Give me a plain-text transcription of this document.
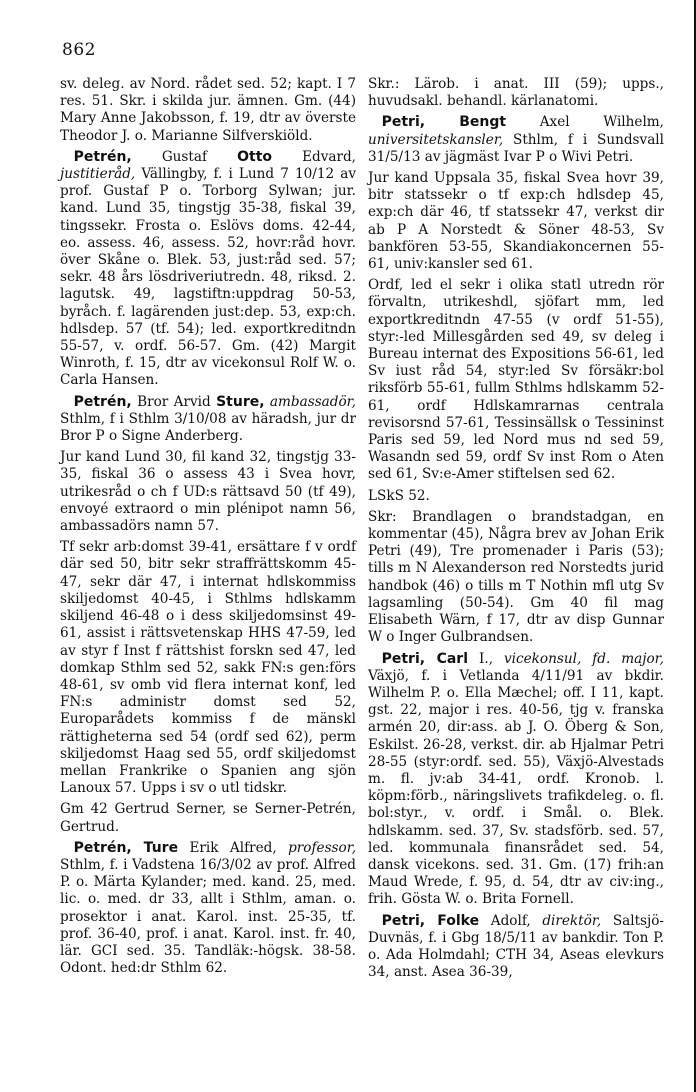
862

sv. deleg. av Nord. rådet sed. 52; kapt. I 7 res. 51. Skr. i skilda jur. ämnen. Gm. (44) Mary Anne Jakobsson, f. 19, dtr av överste Theodor J. o. Marianne Silfverskiöld.

Petrén, Gustaf Otto Edvard, justitieråd, Vällingby, f. i Lund 7 10/12 av prof. Gustaf P o. Torborg Sylwan; jur. kand. Lund 35, tingstjg 35-38, fiskal 39, tingssekr. Frosta o. Eslövs doms. 42-44, eo. assess. 46, assess. 52, hovr:råd hovr. över Skåne o. Blek. 53, just:råd sed. 57; sekr. 48 års lösdriveriutredn. 48, riksd. 2. lagutsk. 49, lagstiftn:uppdrag 50-53, byråch. f. lagärenden just:dep. 53, exp:ch. hdlsdep. 57 (tf. 54); led. exportkreditndn 55-57, v. ordf. 56-57. Gm. (42) Margit Winroth, f. 15, dtr av vicekonsul Rolf W. o. Carla Hansen.

Petrén, Bror Arvid Sture, ambassadör, Sthlm, f i Sthlm 3/10/08 av häradsh, jur dr Bror P o Signe Anderberg.

Jur kand Lund 30, fil kand 32, tingstjg 33-35, fiskal 36 o assess 43 i Svea hovr, utrikesråd o ch f UD:s rättsavd 50 (tf 49), envoyé extraord o min plénipot namn 56, ambassadörs namn 57.

Tf sekr arb:domst 39-41, ersättare f v ordf där sed 50, bitr sekr straffrättskomm 45-47, sekr där 47, i internat hdlskommiss skiljedomst 40-45, i Sthlms hdlskamm skiljend 46-48 o i dess skiljedomsinst 49-61, assist i rättsvetenskap HHS 47-59, led av styr f Inst f rättshist forskn sed 47, led domkap Sthlm sed 52, sakk FN:s gen:förs 48-61, sv omb vid flera internat konf, led FN:s administr domst sed 52, Europarådets kommiss f de mänskl rättigheterna sed 54 (ordf sed 62), perm skiljedomst Haag sed 55, ordf skiljedomst mellan Frankrike o Spanien ang sjön Lanoux 57. Upps i sv o utl tidskr.

Gm 42 Gertrud Serner, se Serner-Petrén, Gertrud.

Petrén, Ture Erik Alfred, professor, Sthlm, f. i Vadstena 16/3/02 av prof. Alfred P. o. Märta Kylander; med. kand. 25, med. lic. o. med. dr 33, allt i Sthlm, aman. o. prosektor i anat. Karol. inst. 25-35, tf. prof. 36-40, prof. i anat. Karol. inst. fr. 40, lär. GCI sed. 35. Tandläk:-högsk. 38-58. Odont. hed:dr Sthlm 62.

Skr.: Lärob. i anat. III (59); upps., huvudsakl. behandl. kärlanatomi.

Petri, Bengt Axel Wilhelm, universitetskansler, Sthlm, f i Sundsvall 31/5/13 av jägmäst Ivar P o Wivi Petri.

Jur kand Uppsala 35, fiskal Svea hovr 39, bitr statssekr o tf exp:ch hdlsdep 45, exp:ch där 46, tf statssekr 47, verkst dir ab P A Norstedt & Söner 48-53, Sv bankfören 53-55, Skandiakoncernen 55-61, univ:kansler sed 61.

Ordf, led el sekr i olika statl utredn rör förvaltn, utrikeshdl, sjöfart mm, led exportkreditndn 47-55 (v ordf 51-55), styr:-led Millesgården sed 49, sv deleg i Bureau internat des Expositions 56-61, led Sv iust råd 54, styr:led Sv försäkr:bol riksförb 55-61, fullm Sthlms hdlskamm 52-61, ordf Hdlskamrarnas centrala revisorsnd 57-61, Tessinsällsk o Tessininst Paris sed 59, led Nord mus nd sed 59, Wasandn sed 59, ordf Sv inst Rom o Aten sed 61, Sv:e-Amer stiftelsen sed 62.

LSkS 52.

Skr: Brandlagen o brandstadgan, en kommentar (45), Några brev av Johan Erik Petri (49), Tre promenader i Paris (53); tills m N Alexanderson red Norstedts jurid handbok (46) o tills m T Nothin mfl utg Sv lagsamling (50-54). Gm 40 fil mag Elisabeth Wärn, f 17, dtr av disp Gunnar W o Inger Gulbrandsen.

Petri, Carl I., vicekonsul, fd. major, Växjö, f. i Vetlanda 4/11/91 av bkdir. Wilhelm P. o. Ella Mæchel; off. I 11, kapt. gst. 22, major i res. 40-56, tjg v. franska armén 20, dir:ass. ab J. O. Öberg & Son, Eskilst. 26-28, verkst. dir. ab Hjalmar Petri 28-55 (styr:ordf. sed. 55), Växjö-Alvestads m. fl. jv:ab 34-41, ordf. Kronob. l. köpm:förb., näringslivets trafikdeleg. o. fl. bol:styr., v. ordf. i Smål. o. Blek. hdlskamm. sed. 37, Sv. stadsförb. sed. 57, led. kommunala finansrådet sed. 54, dansk vicekons. sed. 31. Gm. (17) frih:an Maud Wrede, f. 95, d. 54, dtr av civ:ing., frih. Gösta W. o. Brita Fornell.

Petri, Folke Adolf, direktör, Saltsjö-Duvnäs, f. i Gbg 18/5/11 av bankdir. Ton P. o. Ada Holmdahl; CTH 34, Aseas elevkurs 34, anst. Asea 36-39,
